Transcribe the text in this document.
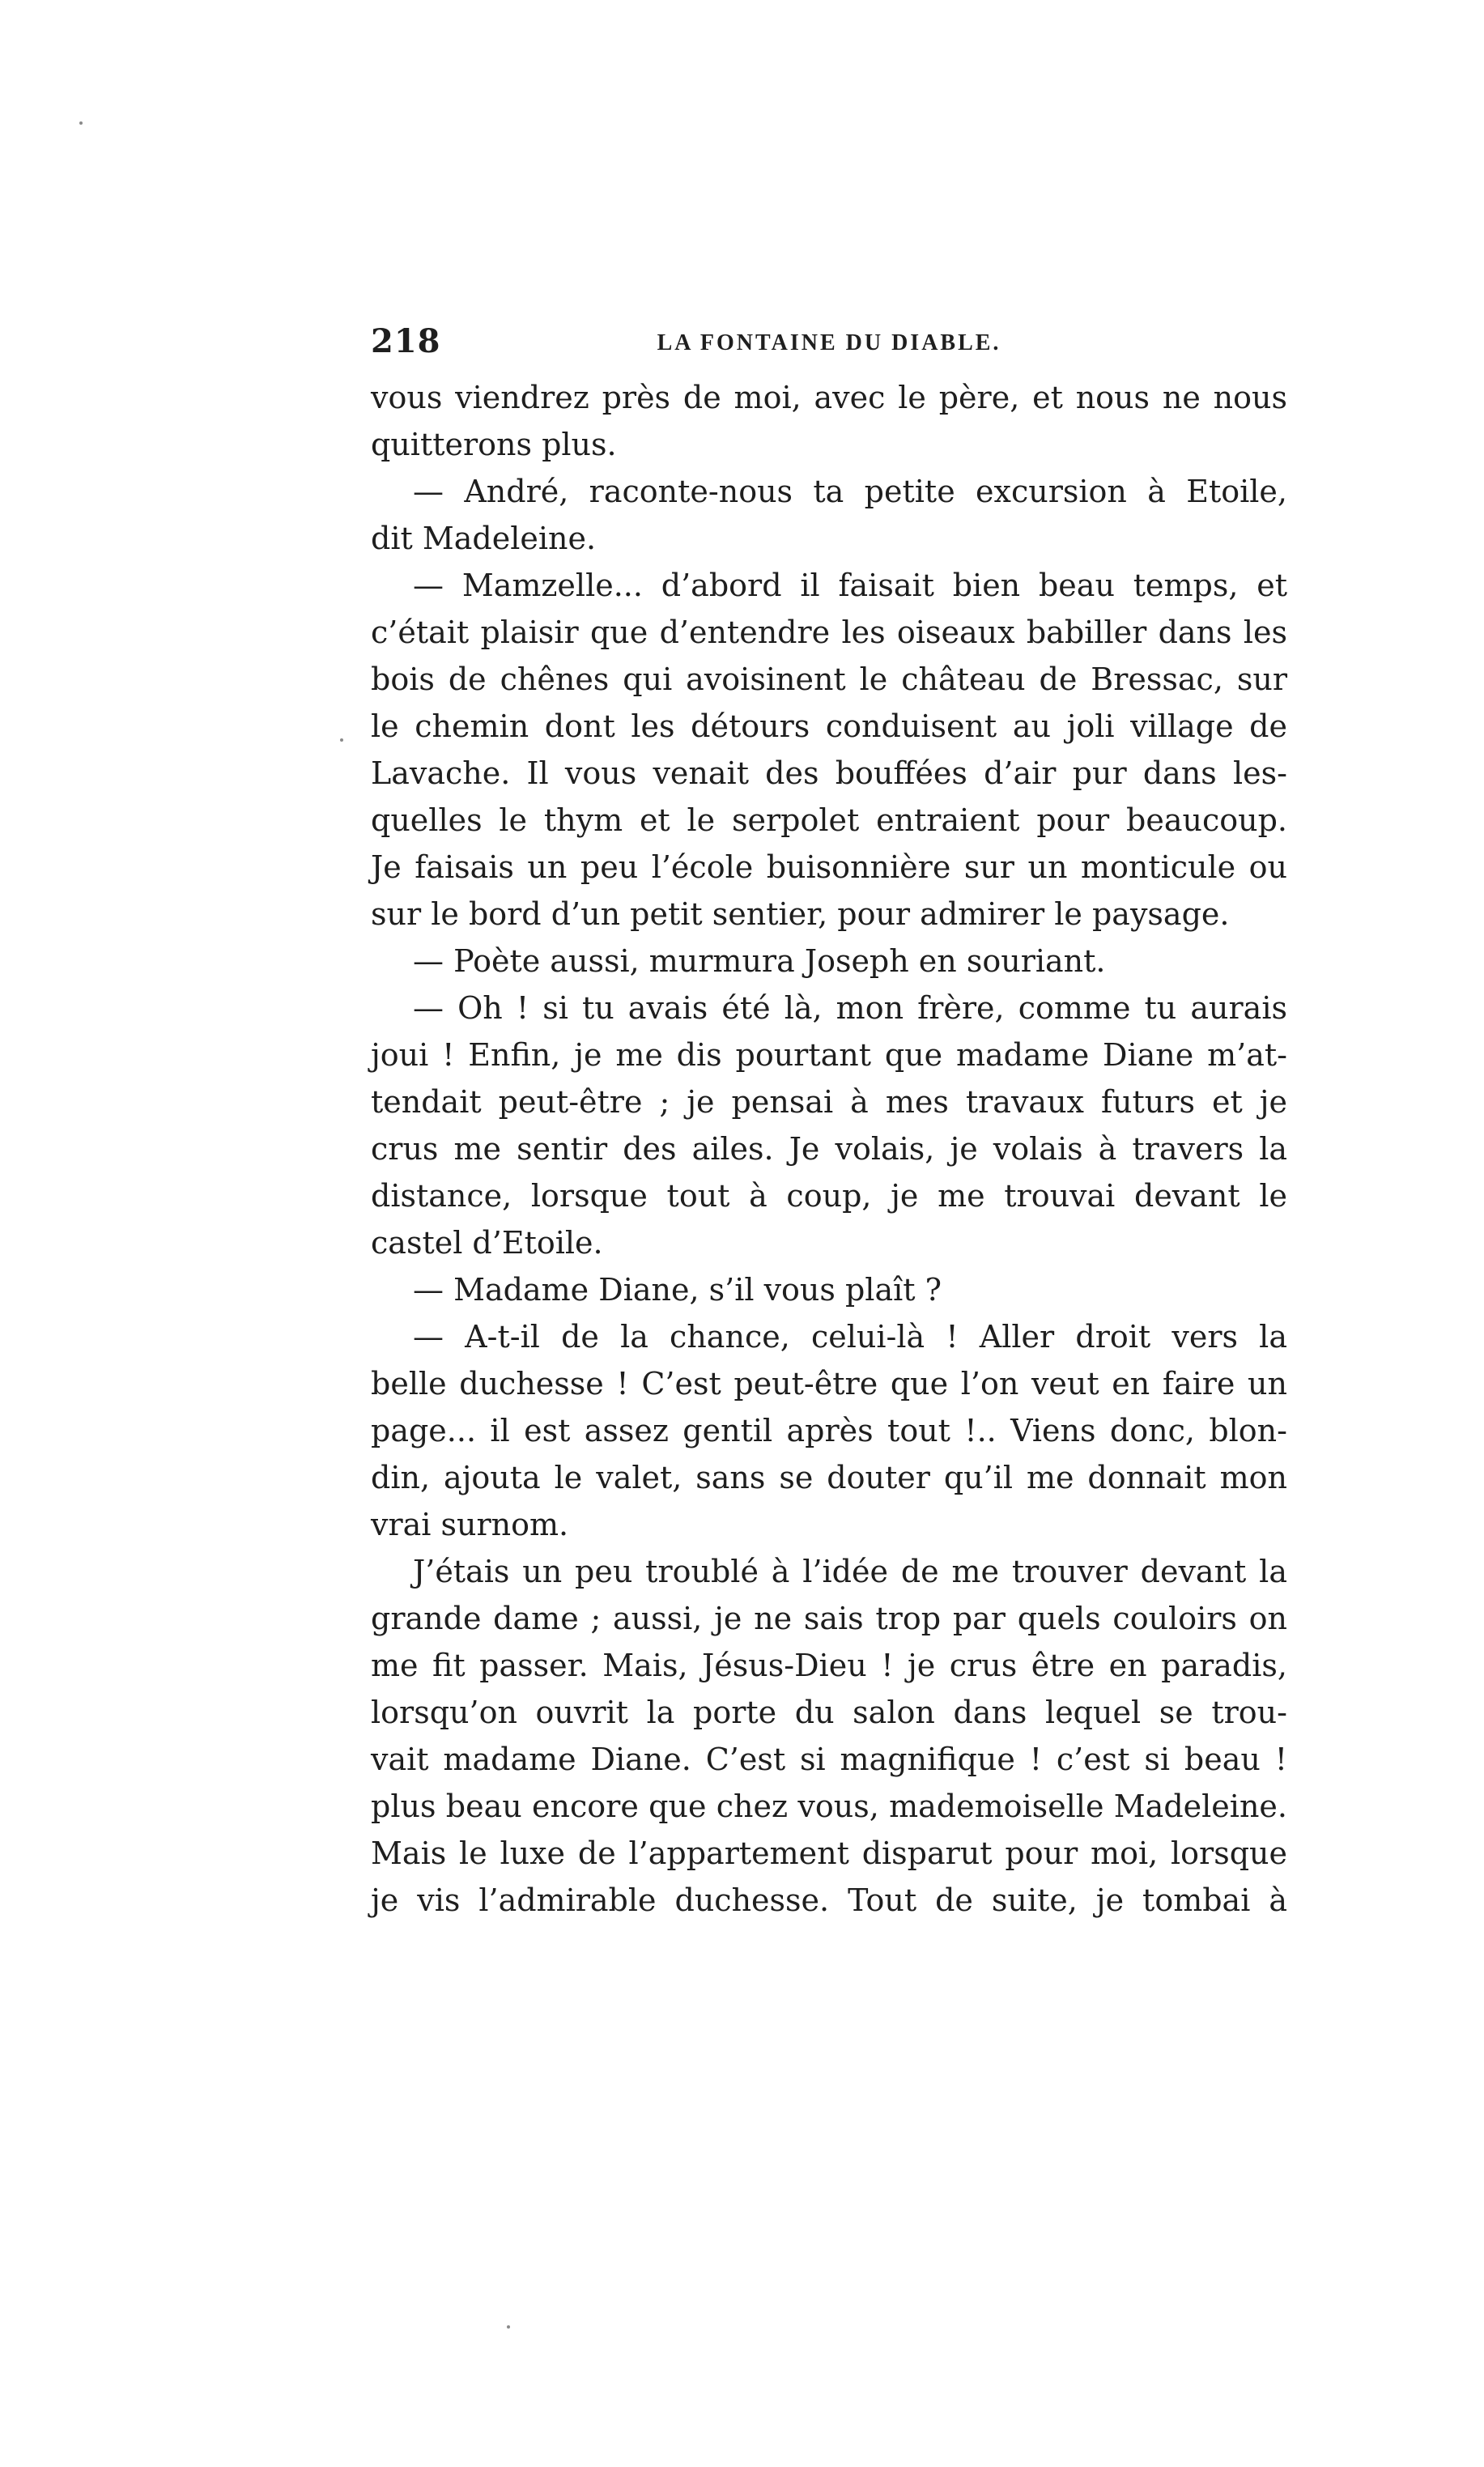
218	LA FONTAINE DU DIABLE.
vous viendrez près de moi, avec le père, et nous ne nous
quitterons plus.
— André, raconte-nous ta petite excursion à Etoile,
dit Madeleine.
— Mamzelle... d’abord il faisait bien beau temps, et
c’était plaisir que d’entendre les oiseaux babiller dans les
bois de chênes qui avoisinent le château de Bressac, sur
le chemin dont les détours conduisent au joli village de
Lavache. Il vous venait des bouffées d’air pur dans les-
quelles le thym et le serpolet entraient pour beaucoup.
Je faisais un peu l’école buisonnière sur un monticule ou
sur le bord d’un petit sentier, pour admirer le paysage.
— Poète aussi, murmura Joseph en souriant.
— Oh ! si tu avais été là, mon frère, comme tu aurais
joui ! Enfin, je me dis pourtant que madame Diane m’at-
tendait peut-être ; je pensai à mes travaux futurs et je
crus me sentir des ailes. Je volais, je volais à travers la
distance, lorsque tout à coup, je me trouvai devant le
castel d’Etoile.
— Madame Diane, s’il vous plaît ?
— A-t-il de la chance, celui-là ! Aller droit vers la
belle duchesse ! C’est peut-être que l’on veut en faire un
page... il est assez gentil après tout !.. Viens donc, blon-
din, ajouta le valet, sans se douter qu’il me donnait mon
vrai surnom.
J’étais un peu troublé à l’idée de me trouver devant la
grande dame ; aussi, je ne sais trop par quels couloirs on
me fit passer. Mais, Jésus-Dieu ! je crus être en paradis,
lorsqu’on ouvrit la porte du salon dans lequel se trou-
vait madame Diane. C’est si magnifique ! c’est si beau !
plus beau encore que chez vous, mademoiselle Madeleine.
Mais le luxe de l’appartement disparut pour moi, lorsque
je vis l’admirable duchesse. Tout de suite, je tombai à
